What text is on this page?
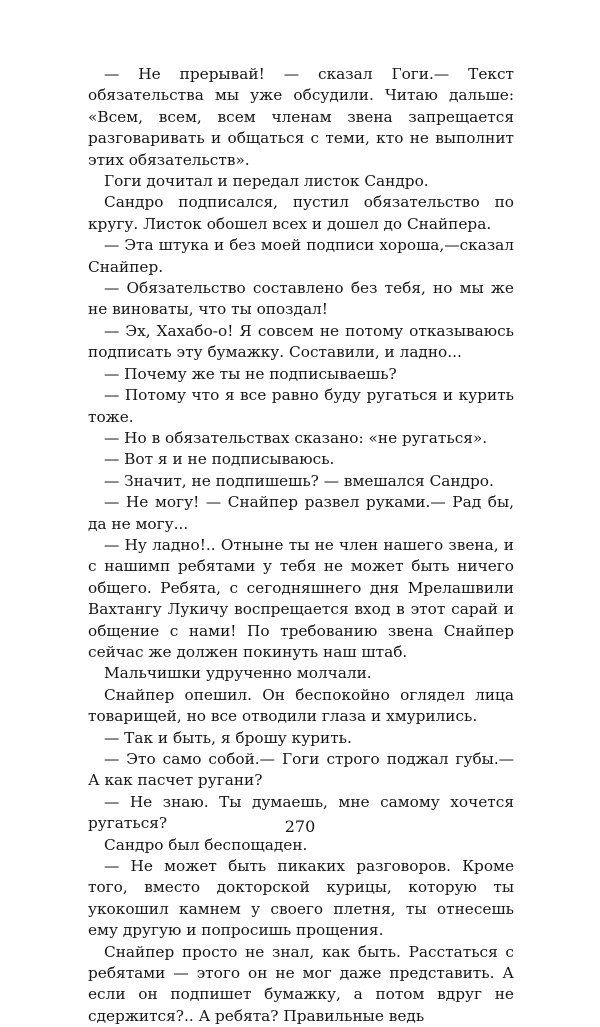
— Не прерывай! — сказал Гоги.— Текст обязательства мы уже обсудили. Читаю дальше: «Всем, всем, всем членам звена запрещается разговаривать и общаться с теми, кто не выполнит этих обязательств».

Гоги дочитал и передал листок Сандро.

Сандро подписался, пустил обязательство по кругу. Листок обошел всех и дошел до Снайпера.

— Эта штука и без моей подписи хороша,—сказал Снайпер.

— Обязательство составлено без тебя, но мы же не виноваты, что ты опоздал!

— Эх, Хахабо-о! Я совсем не потому отказываюсь подписать эту бумажку. Составили, и ладно...

— Почему же ты не подписываешь?

— Потому что я все равно буду ругаться и курить тоже.

— Но в обязательствах сказано: «не ругаться».

— Вот я и не подписываюсь.

— Значит, не подпишешь? — вмешался Сандро.

— Не могу! — Снайпер развел руками.— Рад бы, да не могу...

— Ну ладно!.. Отныне ты не член нашего звена, и с нашимп ребятами у тебя не может быть ничего общего. Ребята, с сегодняшнего дня Мрелашвили Вахтангу Лукичу воспрещается вход в этот сарай и общение с нами! По требованию звена Снайпер сейчас же должен покинуть наш штаб.

Мальчишки удрученно молчали.

Снайпер опешил. Он беспокойно оглядел лица товарищей, но все отводили глаза и хмурились.

— Так и быть, я брошу курить.

— Это само собой.— Гоги строго поджал губы.— А как пасчет ругани?

— Не знаю. Ты думаешь, мне самому хочется ругаться?

Сандро был беспощаден.

— Не может быть пикаких разговоров. Кроме того, вместо докторской курицы, которую ты укокошил камнем у своего плетня, ты отнесешь ему другую и попросишь прощения.

Снайпер просто не знал, как быть. Расстаться с ребятами — этого он не мог даже представить. А если он подпишет бумажку, а потом вдруг не сдержится?.. А ребята? Правильные ведь

270
